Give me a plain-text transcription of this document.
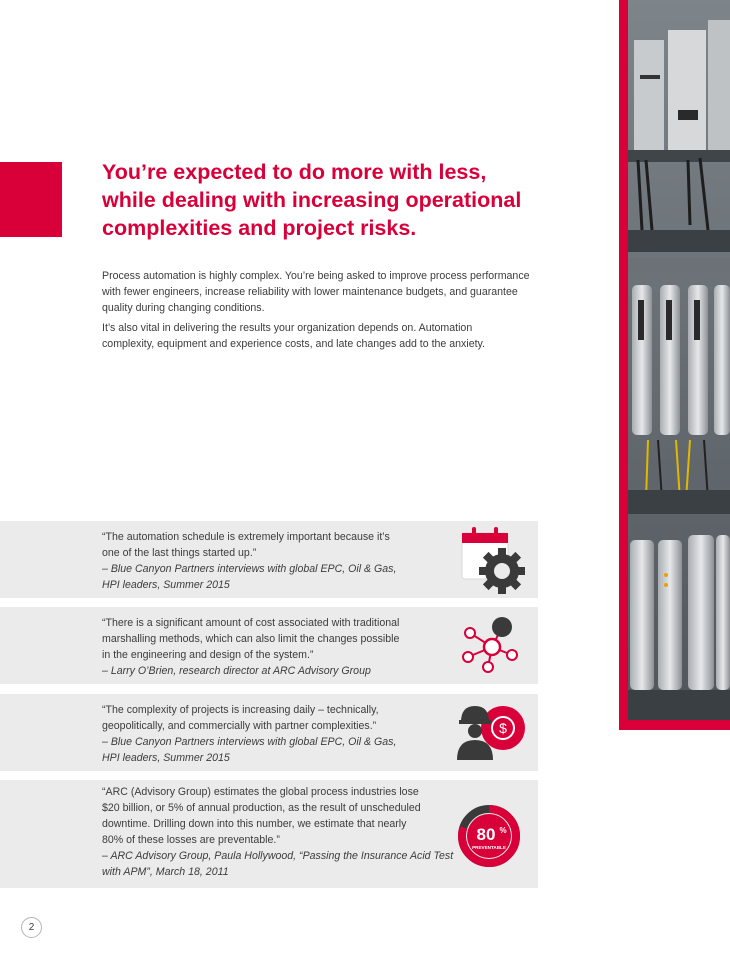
You’re expected to do more with less,
while dealing with increasing operational
complexities and project risks.

Process automation is highly complex. You’re being asked to improve process performance
with fewer engineers, increase reliability with lower maintenance budgets, and guarantee
quality during changing conditions.

It’s also vital in delivering the results your organization depends on. Automation
complexity, equipment and experience costs, and late changes add to the anxiety.

“The automation schedule is extremely important because it’s
one of the last things started up.”
– Blue Canyon Partners interviews with global EPC, Oil & Gas,
HPI leaders, Summer 2015
“There is a significant amount of cost associated with traditional
marshalling methods, which can also limit the changes possible
in the engineering and design of the system.”
– Larry O’Brien, research director at ARC Advisory Group
“The complexity of projects is increasing daily – technically,
geopolitically, and commercially with partner complexities.”
– Blue Canyon Partners interviews with global EPC, Oil & Gas,
HPI leaders, Summer 2015
$
“ARC (Advisory Group) estimates the global process industries lose
$20 billion, or 5% of annual production, as the result of unscheduled
downtime. Drilling down into this number, we estimate that nearly
80% of these losses are preventable.”
– ARC Advisory Group, Paula Hollywood, “Passing the Insurance Acid Test
with APM”, March 18, 2011
80 %
PREVENTABLE
2
